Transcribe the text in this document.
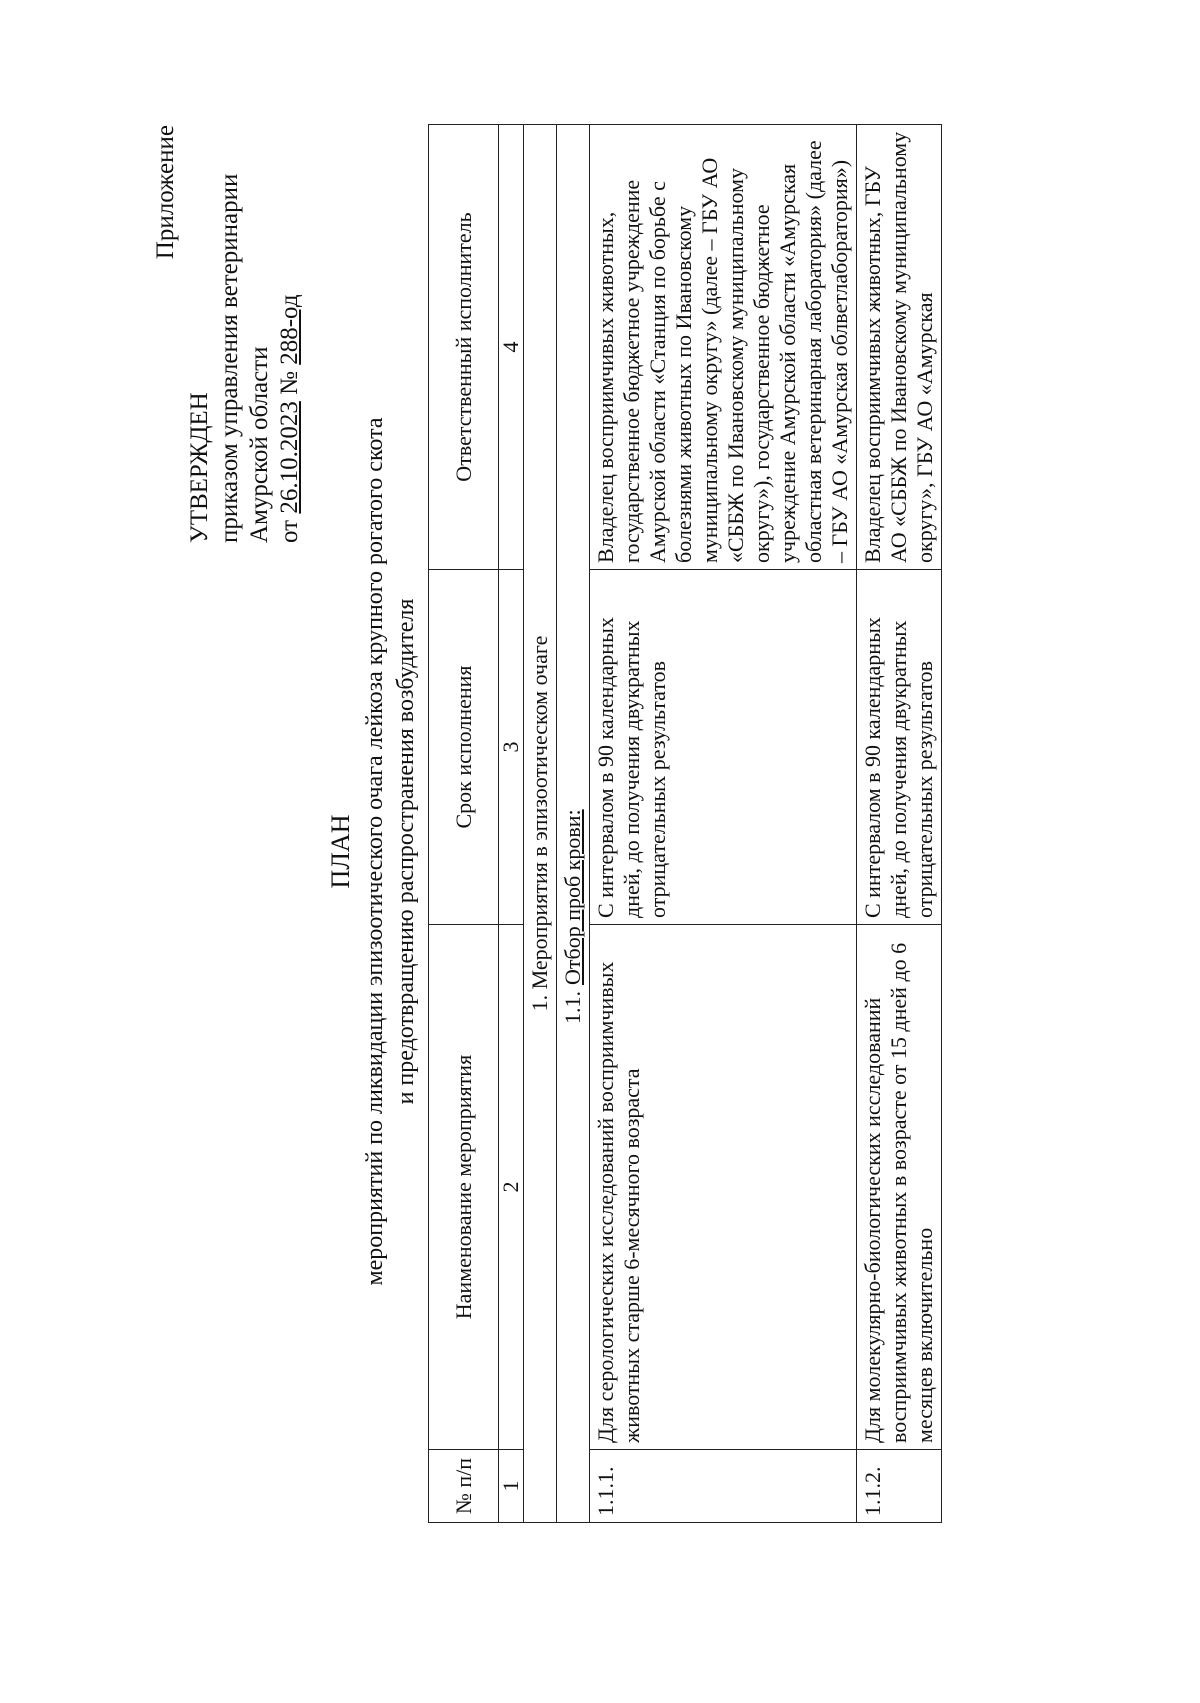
Приложение
УТВЕРЖДЕН приказом управления ветеринарии Амурской области от 26.10.2023 № 288-од
ПЛАН мероприятий по ликвидации эпизоотического очага лейкоза крупного рогатого скота и предотвращению распространения возбудителя
№ п/п	Наименование мероприятия	Срок исполнения	Ответственный исполнитель
1	2	3	4
1. Мероприятия в эпизоотическом очаге			
1.1.Отбор проб крови:			
1.1.1.	Для серологических исследований восприимчивых животных старше 6-месячного возраста	С интервалом в 90 календарных дней, до получения двукратных отрицательных результатов	Владелец восприимчивых животных, государственное бюджетное учреждение Амурской области «Станция по борьбе с болезнями животных по Ивановскому муниципальному округу» (далее – ГБУ АО «СББЖ по Ивановскому муниципальному округу»), государственное бюджетное учреждение Амурской области «Амурская областная ветеринарная лаборатория» (далее – ГБУ АО «Амурская облветлаборатория»)
1.1.2.	Для молекулярно-биологических исследований восприимчивых животных в возрасте от 15 дней до 6 месяцев включительно	С интервалом в 90 календарных дней, до получения двукратных отрицательных результатов	Владелец восприимчивых животных, ГБУ АО «СББЖ по Ивановскому муниципальному округу», ГБУ АО «Амурская
